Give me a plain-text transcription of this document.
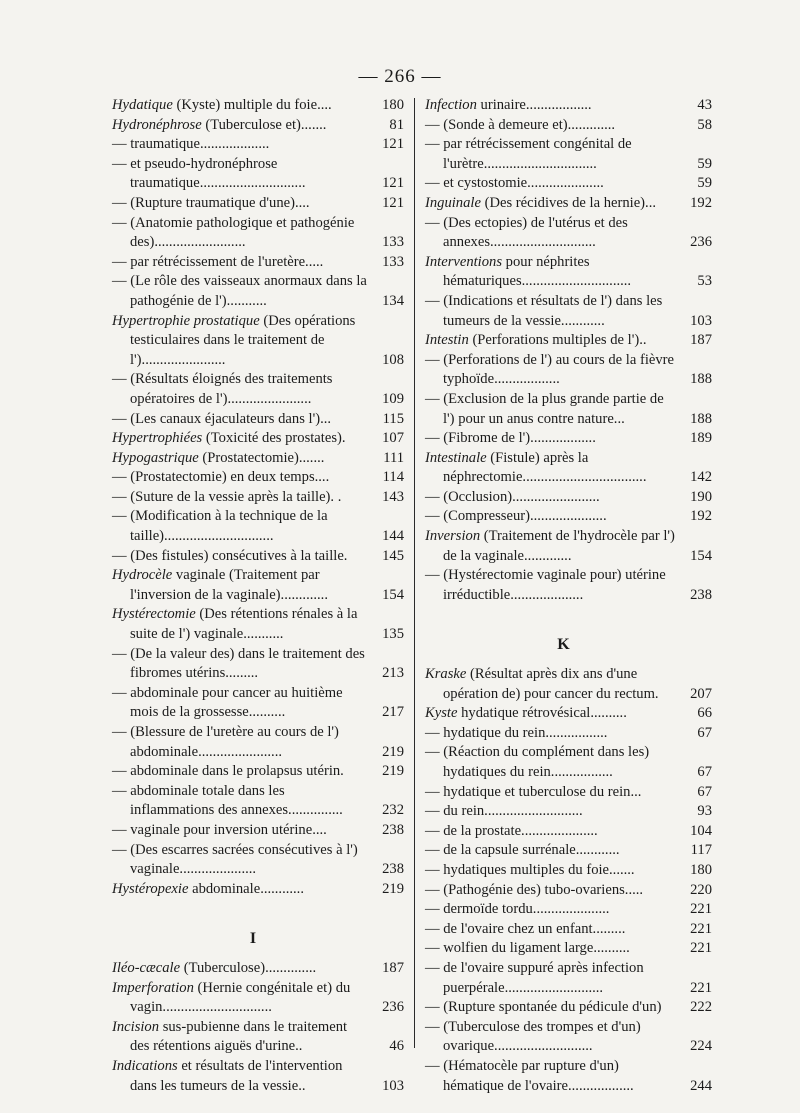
— 266 —
Hydatique (Kyste) multiple du foie....	180
Hydronéphrose (Tuberculose et).......	81
— traumatique...................	121
— et pseudo-hydronéphrose traumatique.............................	121
— (Rupture traumatique d'une)....	121
— (Anatomie pathologique et pathogénie des).........................	133
— par rétrécissement de l'uretère.....	133
— (Le rôle des vaisseaux anormaux dans la pathogénie de l')...........	134
Hypertrophie prostatique (Des opérations testiculaires dans le traitement de l').......................	108
— (Résultats éloignés des traitements opératoires de l').......................	109
— (Les canaux éjaculateurs dans l')...	115
Hypertrophiées (Toxicité des prostates).	107
Hypogastrique (Prostatectomie).......	111
— (Prostatectomie) en deux temps....	114
— (Suture de la vessie après la taille). .	143
— (Modification à la technique de la taille)..............................	144
— (Des fistules) consécutives à la taille. 145
Hydrocèle vaginale (Traitement par l'inversion de la vaginale).............	154
Hystérectomie (Des rétentions rénales à la suite de l') vaginale...........	135
— (De la valeur des) dans le traitement des fibromes utérins.........	213
— abdominale pour cancer au huitième mois de la grossesse..........	217
— (Blessure de l'uretère au cours de l') abdominale.......................	219
— abdominale dans le prolapsus utérin.	219
— abdominale totale dans les inflammations des annexes...............	232
— vaginale pour inversion utérine....	238
— (Des escarres sacrées consécutives à l') vaginale.....................	238
Hystéropexie abdominale............	219
I
Iléo-cæcale (Tuberculose)..............	187
Imperforation (Hernie congénitale et) du vagin..............................	236
Incision sus-pubienne dans le traitement des rétentions aiguës d'urine..	46
Indications et résultats de l'intervention dans les tumeurs de la vessie..	103
Infection urinaire..................	43
— (Sonde à demeure et).............	58
— par rétrécissement congénital de l'urètre...............................	59
— et cystostomie.....................	59
Inguinale (Des récidives de la hernie)... 192
— (Des ectopies) de l'utérus et des annexes.............................	236
Interventions pour néphrites hématuriques..............................	53
— (Indications et résultats de l') dans les tumeurs de la vessie............	103
Intestin (Perforations multiples de l')..	187
— (Perforations de l') au cours de la fièvre typhoïde..................	188
— (Exclusion de la plus grande partie de l') pour un anus contre nature...	188
— (Fibrome de l')..................	189
Intestinale (Fistule) après la néphrectomie..................................	142
— (Occlusion)........................	190
— (Compresseur).....................	192
Inversion (Traitement de l'hydrocèle par l') de la vaginale.............	154
— (Hystérectomie vaginale pour) utérine irréductible....................	238
K
Kraske (Résultat après dix ans d'une opération de) pour cancer du rectum. 207
Kyste hydatique rétrovésical..........	66
— hydatique du rein.................	67
— (Réaction du complément dans les) hydatiques du rein.................	67
— hydatique et tuberculose du rein...	67
— du rein...........................	93
— de la prostate.....................	104
— de la capsule surrénale............	117
— hydatiques multiples du foie.......	180
— (Pathogénie des) tubo-ovariens.....	220
— dermoïde tordu.....................	221
— de l'ovaire chez un enfant.........	221
— wolfien du ligament large..........	221
— de l'ovaire suppuré après infection puerpérale...........................	221
— (Rupture spontanée du pédicule d'un) 222
— (Tuberculose des trompes et d'un) ovarique...........................	224
— (Hématocèle par rupture d'un) hématique de l'ovaire..................	244
